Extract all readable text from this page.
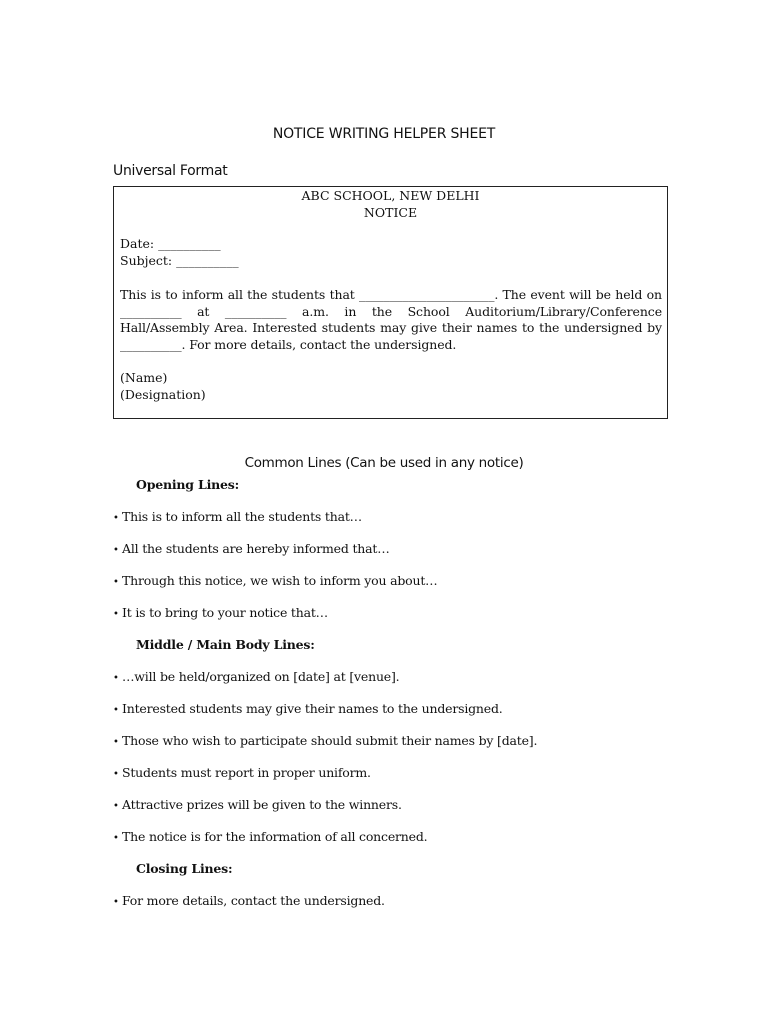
NOTICE WRITING HELPER SHEET
Universal Format
ABC SCHOOL, NEW DELHI
NOTICE
Date: __________
Subject: __________
This is to inform all the students that ______________________. The event will be held on __________ at __________ a.m. in the School Auditorium/Library/Conference Hall/Assembly Area. Interested students may give their names to the undersigned by __________. For more details, contact the undersigned.
(Name)
(Designation)
Common Lines (Can be used in any notice)
Opening Lines:
• This is to inform all the students that…
• All the students are hereby informed that…
• Through this notice, we wish to inform you about…
• It is to bring to your notice that…
Middle / Main Body Lines:
• …will be held/organized on [date] at [venue].
• Interested students may give their names to the undersigned.
• Those who wish to participate should submit their names by [date].
• Students must report in proper uniform.
• Attractive prizes will be given to the winners.
• The notice is for the information of all concerned.
Closing Lines:
• For more details, contact the undersigned.
